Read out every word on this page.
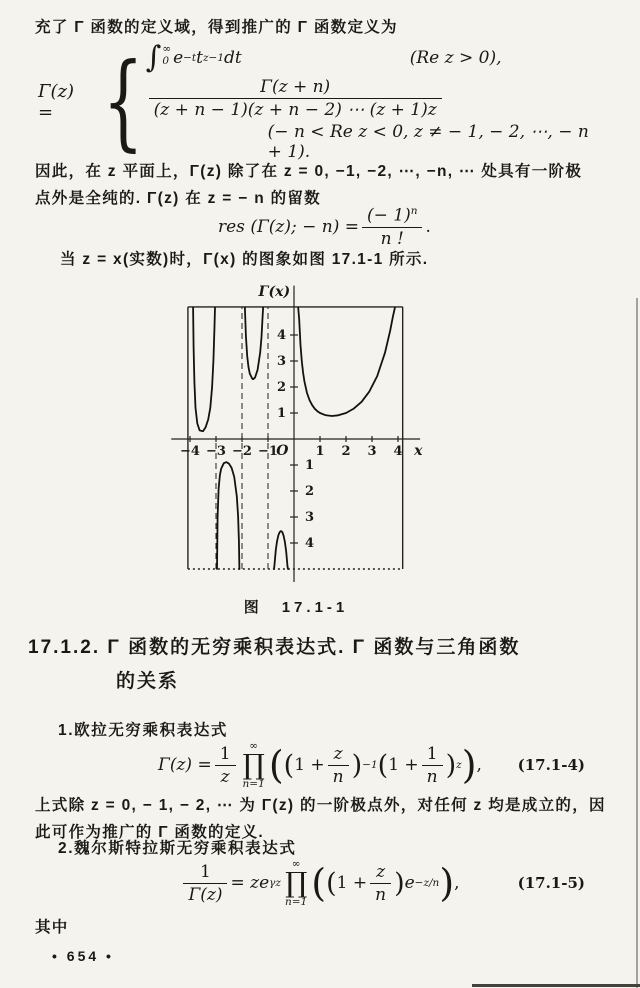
充了 Γ 函数的定义域，得到推广的 Γ 函数定义为
Γ(z) = { ∫ ∞
0 e −t t z−1 dt	(Re z > 0),
$\frac{\Gamma(z + n)}{(z + n - 1)(z + n - 2) \cdots (z + 1)z}$
(− n < Re z < 0, z ≠ − 1, − 2, ⋯, − n + 1).
因此，在 z 平面上，Γ(z) 除了在 z = 0, −1, −2, ⋯, −n, ⋯ 处具有一阶极
点外是全纯的. Γ(z) 在 z = − n 的留数
res (Γ(z); − $n) = \frac{(- 1)^n}{n !}$ .
当 z = x(实数)时，Γ(x) 的图象如图 17.1-1 所示.
−4 −3 −2 −1	1 2 3 4
4
3
2
1
1
2
3
4
Γ(x)
x
O
图　17.1-1
17.1.2. Γ 函数的无穷乘积表达式. Γ 函数与三角函数
的关系
1.欧拉无穷乘积表达式
$\Gamma(z) = \frac{1}{z}$ ∞
∏
n=1 ( ( $1 + \frac{z}{n}$ ) −1 ( $1 + \frac{1}{n}$ ) z ) , (17.1-4)
上式除 z = 0, − 1, − 2, ⋯ 为 Γ(z) 的一阶极点外，对任何 z 均是成立的，因
此可作为推广的 Γ 函数的定义.
2.魏尔斯特拉斯无穷乘积表达式
$\frac{1}{\Gamma(z)}$ = ze γz
∞
∏
n=1 ( ( $1 + \frac{z}{n}$ ) e −z/n ) ,	(17.1-5)
其中
• 654 •
